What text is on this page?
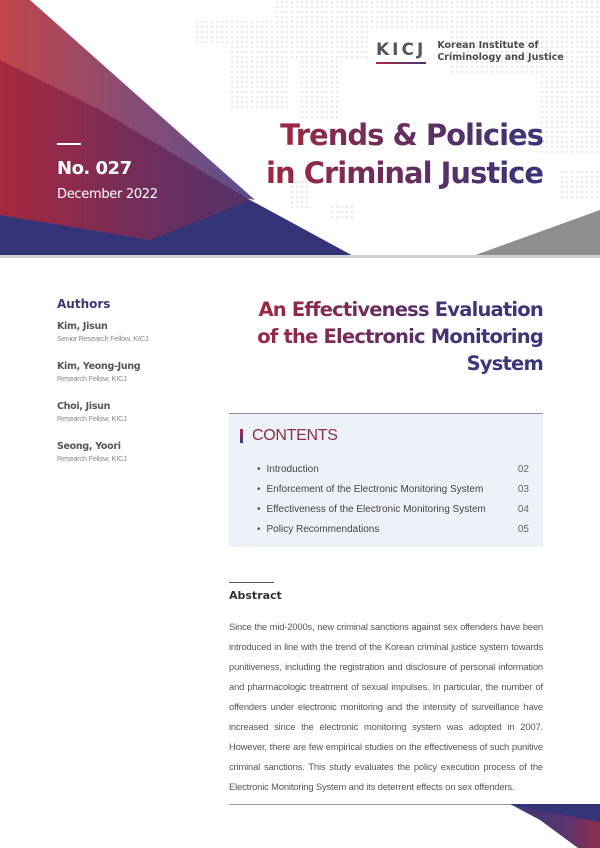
KICJ Korean Institute of
Criminology and Justice
Trends & Policies
in Criminal Justice
No. 027
December 2022
Authors
Kim, Jisun
Senior Research Fellow, KICJ
Kim, Yeong-Jung
Research Fellow, KICJ
Choi, Jisun
Research Fellow, KICJ
Seong, Yoori
Research Fellow, KICJ
An Effectiveness Evaluation
of the Electronic Monitoring
System
CONTENTS
• Introduction	02
• Enforcement of the Electronic Monitoring System	03
• Effectiveness of the Electronic Monitoring System	04
• Policy Recommendations	05
Abstract
Since the mid-2000s, new criminal sanctions against sex offenders have been introduced in line with the trend of the Korean criminal justice system towards punitiveness, including the registration and disclosure of personal information and pharmacologic treatment of sexual impulses. In particular, the number of offenders under electronic monitoring and the intensity of surveillance have increased since the electronic monitoring system was adopted in 2007. However, there are few empirical studies on the effectiveness of such punitive criminal sanctions. This study evaluates the policy execution process of the Electronic Monitoring System and its deterrent effects on sex offenders.
